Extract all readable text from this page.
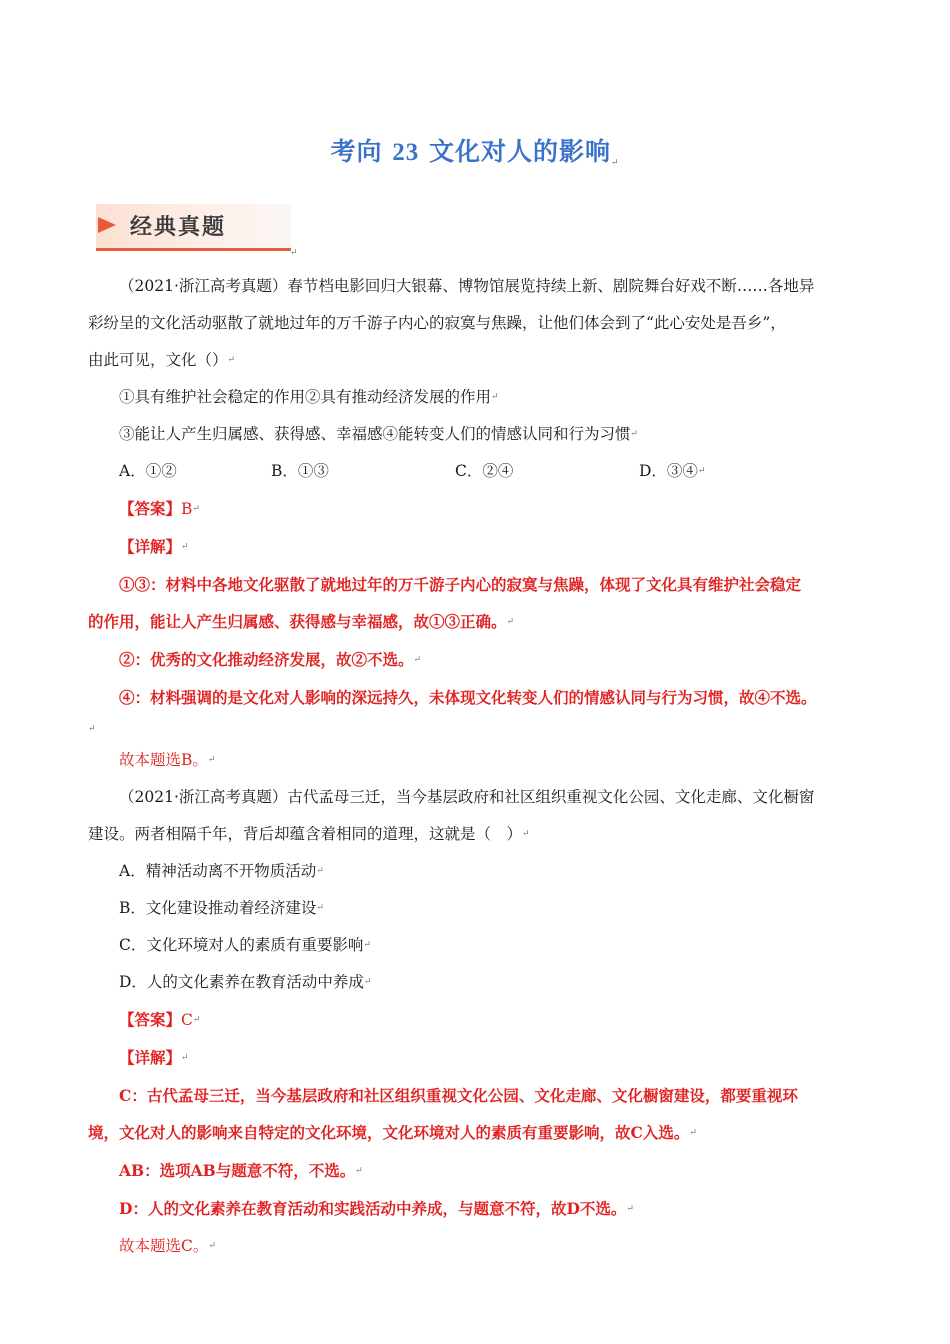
考向 23 文化对人的影响↵
经典真题
↵

（2021·浙江高考真题）春节档电影回归大银幕、博物馆展览持续上新、剧院舞台好戏不断……各地异

彩纷呈的文化活动驱散了就地过年的万千游子内心的寂寞与焦躁，让他们体会到了“此心安处是吾乡”，

由此可见，文化（）↵

①具有维护社会稳定的作用②具有推动经济发展的作用↵

③能让人产生归属感、获得感、幸福感④能转变人们的情感认同和行为习惯↵

A．①②	B．①③	C．②④	D．③④ ↵

【答案】B↵

【详解】↵

①③：材料中各地文化驱散了就地过年的万千游子内心的寂寞与焦躁，体现了文化具有维护社会稳定

的作用，能让人产生归属感、获得感与幸福感，故①③正确。↵

②：优秀的文化推动经济发展，故②不选。↵

④：材料强调的是文化对人影响的深远持久，未体现文化转变人们的情感认同与行为习惯，故④不选。

↵

故本题选B。↵

（2021·浙江高考真题）古代孟母三迁，当今基层政府和社区组织重视文化公园、文化走廊、文化橱窗

建设。两者相隔千年，背后却蕴含着相同的道理，这就是（　）↵

A．精神活动离不开物质活动↵

B．文化建设推动着经济建设↵

C．文化环境对人的素质有重要影响↵

D．人的文化素养在教育活动中养成↵

【答案】C↵

【详解】↵

C：古代孟母三迁，当今基层政府和社区组织重视文化公园、文化走廊、文化橱窗建设，都要重视环

境，文化对人的影响来自特定的文化环境，文化环境对人的素质有重要影响，故C入选。↵

AB：选项AB与题意不符，不选。↵

D：人的文化素养在教育活动和实践活动中养成，与题意不符，故D不选。↵

故本题选C。↵
